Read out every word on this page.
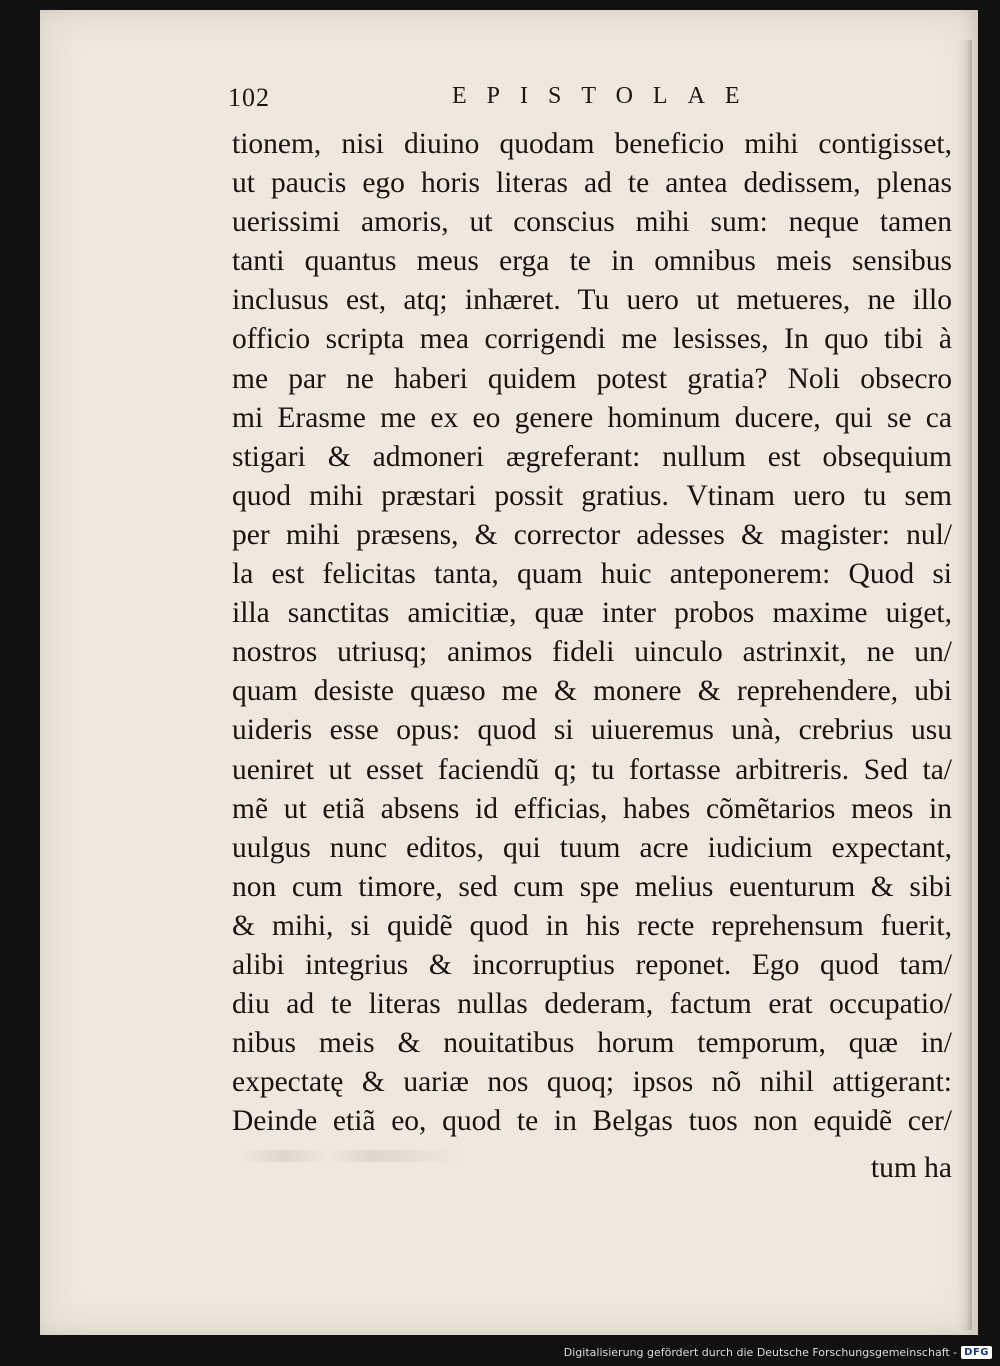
102	EPISTOLAE
tionem, nisi diuino quodam beneficio mihi contigisset,
ut paucis ego horis literas ad te antea dedissem, plenas
uerissimi amoris, ut conscius mihi sum: neque tamen
tanti quantus meus erga te in omnibus meis sensibus
inclusus est, atq; inhæret. Tu uero ut metueres, ne illo
officio scripta mea corrigendi me lesisses, In quo tibi à
me par ne haberi quidem potest gratia? Noli obsecro
mi Erasme me ex eo genere hominum ducere, qui se ca
stigari & admoneri ægreferant: nullum est obsequium
quod mihi præstari possit gratius. Vtinam uero tu sem
per mihi præsens, & corrector adesses & magister: nul/
la est felicitas tanta, quam huic anteponerem: Quod si
illa sanctitas amicitiæ, quæ inter probos maxime uiget,
nostros utriusq; animos fideli uinculo astrinxit, ne un/
quam desiste quæso me & monere & reprehendere, ubi
uideris esse opus: quod si uiueremus unà, crebrius usu
ueniret ut esset faciendũ q; tu fortasse arbitreris. Sed ta/
mẽ ut etiã absens id efficias, habes cõmẽtarios meos in
uulgus nunc editos, qui tuum acre iudicium expectant,
non cum timore, sed cum spe melius euenturum & sibi
& mihi, si quidẽ quod in his recte reprehensum fuerit,
alibi integrius & incorruptius reponet. Ego quod tam/
diu ad te literas nullas dederam, factum erat occupatio/
nibus meis & nouitatibus horum temporum, quæ in/
expectatę & uariæ nos quoq; ipsos nõ nihil attigerant:
Deinde etiã eo, quod te in Belgas tuos non equidẽ cer/
tum ha
Digitalisierung gefördert durch die Deutsche Forschungsgemeinschaft - DFG
